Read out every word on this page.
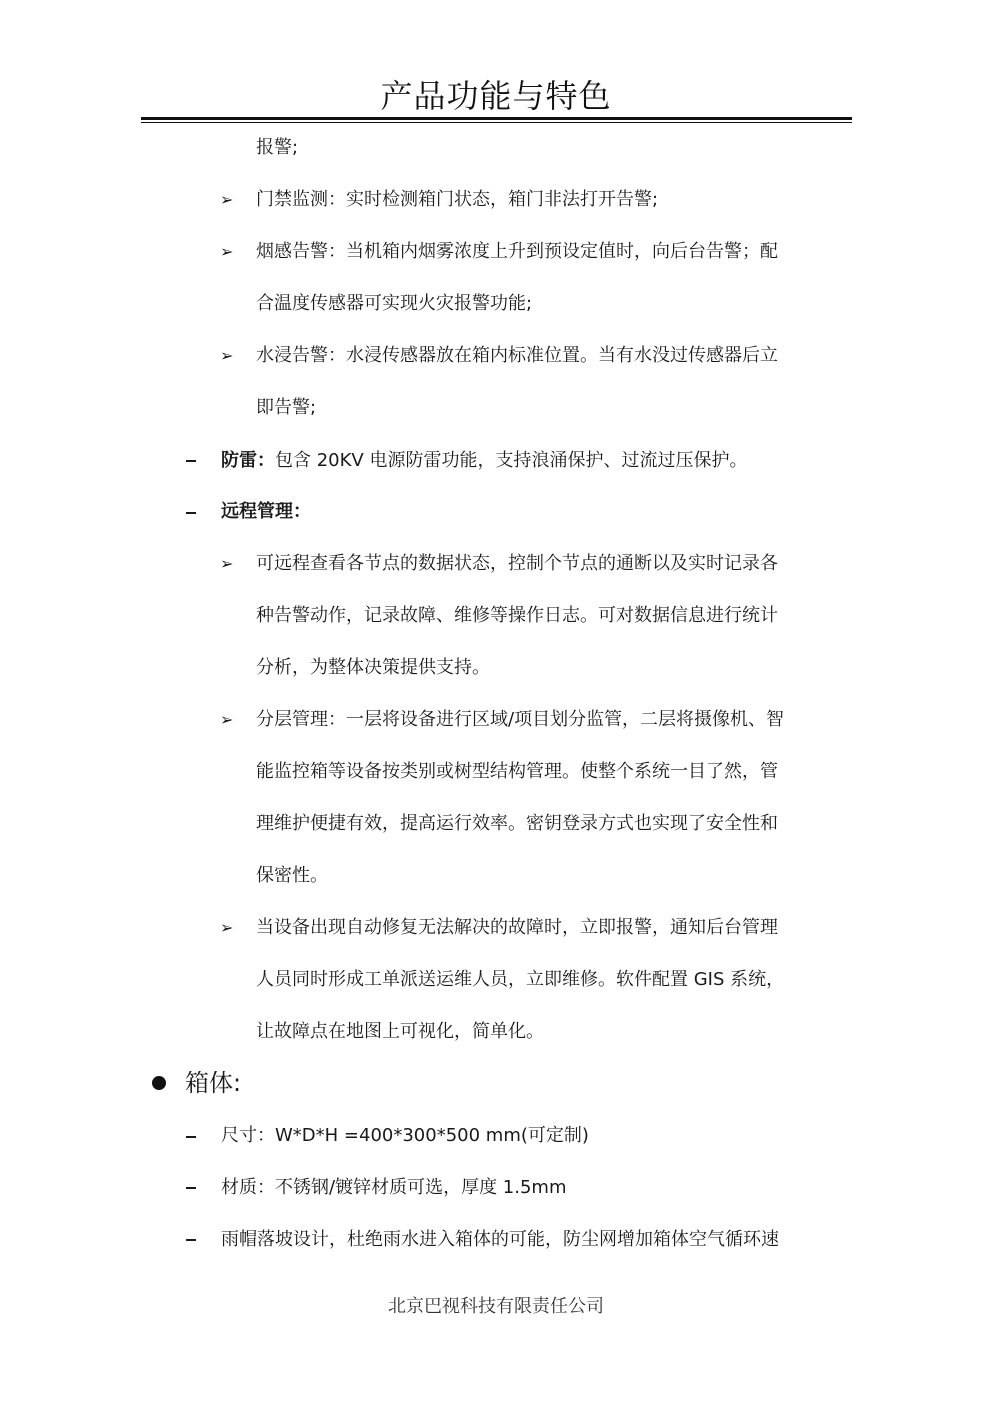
产品功能与特色
报警;
➢ 门禁监测：实时检测箱门状态，箱门非法打开告警;
➢ 烟感告警：当机箱内烟雾浓度上升到预设定值时，向后台告警；配
合温度传感器可实现火灾报警功能;
➢ 水浸告警：水浸传感器放在箱内标准位置。当有水没过传感器后立
即告警;
防雷：包含 20KV 电源防雷功能，支持浪涌保护、过流过压保护。
远程管理：
➢ 可远程查看各节点的数据状态，控制个节点的通断以及实时记录各
种告警动作，记录故障、维修等操作日志。可对数据信息进行统计
分析，为整体决策提供支持。
➢ 分层管理：一层将设备进行区域/项目划分监管，二层将摄像机、智
能监控箱等设备按类别或树型结构管理。使整个系统一目了然，管
理维护便捷有效，提高运行效率。密钥登录方式也实现了安全性和
保密性。
➢ 当设备出现自动修复无法解决的故障时，立即报警，通知后台管理
人员同时形成工单派送运维人员，立即维修。软件配置 GIS 系统，
让故障点在地图上可视化，简单化。
箱体:
尺寸：W*D*H =400*300*500 mm(可定制)
材质：不锈钢/镀锌材质可选，厚度 1.5mm
雨帽落坡设计，杜绝雨水进入箱体的可能，防尘网增加箱体空气循环速
北京巴视科技有限责任公司
